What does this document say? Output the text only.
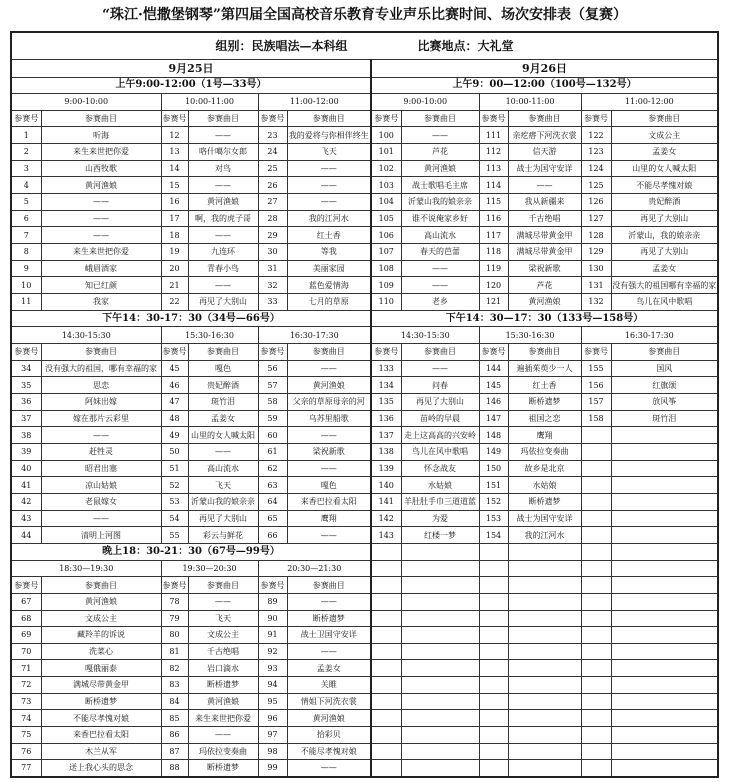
“珠江·恺撒堡钢琴”第四届全国高校音乐教育专业声乐比赛时间、场次安排表（复赛）
组别：民族唱法—本科组 比赛地点：大礼堂											
9月25日						9月26日					
上午9:00-12:00（1号—33号）						上午9：00—12:00（100号—132号）					
9:00-10:00		10:00-11:00		11:00-12:00		9:00-10:00		10:00-11:00		11:00-12:00	
参赛号	参赛曲目	参赛号	参赛曲目	参赛号	参赛曲目	参赛号	参赛曲目	参赛号	参赛曲目	参赛号	参赛曲目
1	听海	12	——	23	我的爱将与你相伴终生	100	——	111	亲疙瘩下河洗衣裳	122	文成公主
2	来生来世把你爱	13	咯什噶尔女郎	24	飞天	101	芦花	112	信天游	123	孟姜女
3	山西牧歌	14	对鸟	25	——	102	黄河渔娘	113	战士为国守安详	124	山里的女人喊太阳
4	黄河渔娘	15	——	26	——	103	战士歌唱毛主席	114	——	125	不能尽孝愧对娘
5	——	16	黄河渔娘	27	——	104	沂蒙山我的娘亲亲	115	我从新疆来	126	贵妃醉酒
6	——	17	啊，我的虎子哥	28	我的江河水	105	谁不说俺家乡好	116	千古绝唱	127	再见了大别山
7	——	18	——	29	红土香	106	高山流水	117	满城尽带黄金甲	128	沂蒙山，我的娘亲亲
8	来生来世把你爱	19	九连环	30	等我	107	春天的芭蕾	118	满城尽带黄金甲	129	再见了大别山
9	峨眉酒家	20	青春小鸟	31	美丽家园	108	——	119	梁祝新歌	130	孟姜女
10	知已红颜	21	——	32	蓝色爱情海	109	——	120	芦花	131	没有强大的祖国哪有幸福的家
11	我家	22	再见了大别山	33	七月的草原	110	老乡	121	黄河渔娘	132	鸟儿在风中歌唱
下午14：30-17：30（34号—66号）						下午14：30—17：30（133号—158号）					
14:30-15:30		15:30-16:30		16:30-17:30		14:30-15:30		15:30-16:30		16:30-17:30	
参赛号	参赛曲目	参赛号	参赛曲目	参赛号	参赛曲目	参赛号	参赛曲目	参赛号	参赛曲目	参赛号	参赛曲目
34	没有强大的祖国，哪有幸福的家	45	嘎色	56	——	133	——	144	遍插茱萸少一人	155	国风
35	思恋	46	贵妃醉酒	57	黄河渔娘	134	问春	145	红土香	156	红旗颂
36	阿妹出嫁	47	斑竹泪	58	父亲的草原母亲的河	135	再见了大别山	146	断桥遗梦	157	放风筝
37	嫁在那片云彩里	48	孟姜女	59	乌苏里船歌	136	苗岭的早晨	147	祖国之恋	158	斑竹泪
38	——	49	山里的女人喊太阳	60	——	137	走上这高高的兴安岭	148	鹰翔		
39	赶牲灵	50	——	61	梁祝新歌	138	鸟儿在风中歌唱	149	玛依拉变奏曲		
40	昭君出塞	51	高山流水	62	——	139	怀念战友	150	故乡是北京		
41	凉山姑娘	52	飞天	63	嘎色	140	水姑娘	151	水姑娘		
42	老鼠嫁女	53	沂蒙山我的娘亲亲	64	来香巴拉看太阳	141	羊肚肚手巾三道道蓝	152	断桥遗梦		
43	——	54	再见了大别山	65	鹰翔	142	为爱	153	战士为国守安详		
44	清明上河图	55	彩云与鲜花	66	——	143	红楼一梦	154	我的江河水		
晚上18：30-21：30（67号—99号）											
18:30—19:30		19:30—20:30		20:30—21:30							
参赛号	参赛曲目	参赛号	参赛曲目	参赛号	参赛曲目						
67	黄河渔娘	78	——	89	——						
68	文成公主	79	飞天	90	断桥遗梦						
69	藏羚羊的诉说	80	文成公主	91	战士卫国守安详						
70	洗菜心	81	千古绝唱	92	——						
71	嘎俄丽泰	82	岩口滴水	93	孟姜女						
72	满城尽带黄金甲	83	断桥遗梦	94	关睢						
73	断桥遗梦	84	黄河渔娘	95	情姐下河洗衣裳						
74	不能尽孝愧对娘	85	来生来世把你爱	96	黄河渔娘						
75	来香巴拉看太阳	86	——	97	拾彩贝						
76	木兰从军	87	玛依拉变奏曲	98	不能尽孝愧对娘						
77	送上我心头的思念	88	断桥遗梦	99	——						
